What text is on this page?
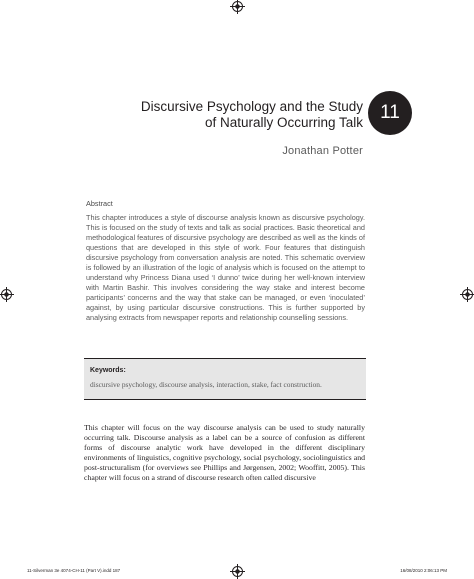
Discursive Psychology and the Study
of Naturally Occurring Talk 11
Jonathan Potter
Abstract

This chapter introduces a style of discourse analysis known as discursive psychology. This is focused on the study of texts and talk as social practices. Basic theoretical and methodological features of discursive psychology are described as well as the kinds of questions that are developed in this style of work. Four features that distinguish discursive psychology from conversation analysis are noted. This schematic overview is followed by an illustration of the logic of analysis which is focused on the attempt to understand why Princess Diana used ‘I dunno’ twice during her well-known interview with Martin Bashir. This involves considering the way stake and interest become participants’ concerns and the way that stake can be managed, or even ‘inoculated’ against, by using particular discursive constructions. This is further supported by analysing extracts from newspaper reports and relationship counselling sessions.

Keywords:
discursive psychology, discourse analysis, interaction, stake, fact construction.

This chapter will focus on the way discourse analysis can be used to study naturally occurring talk. Discourse analysis as a label can be a source of confusion as different forms of discourse analytic work have developed in the different disciplinary environments of linguistics, cognitive psychology, social psychology, sociolinguistics and post-structuralism (for overviews see Phillips and Jørgensen, 2002; Wooffitt, 2005). This chapter will focus on a strand of discourse research often called discursive

11-Silverman 3e 4074-CH-11 (Part V).indd 187	16/08/2010 2:06:13 PM
